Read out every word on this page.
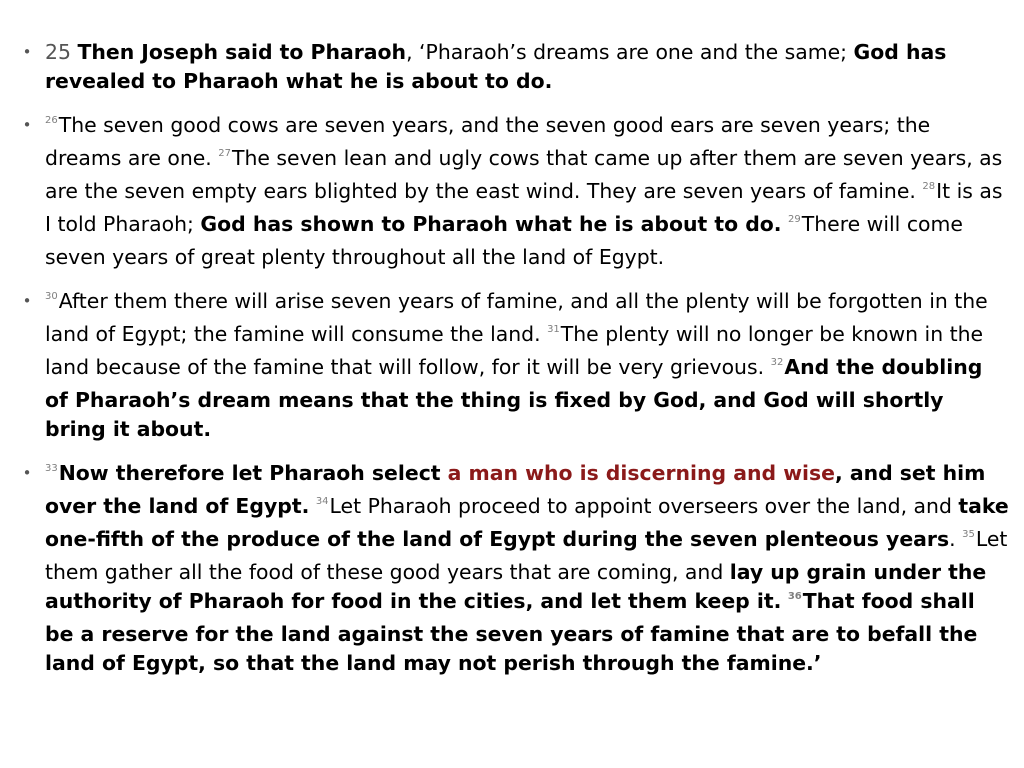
• 25 Then Joseph said to Pharaoh, ‘Pharaoh’s dreams are one and the same; God has revealed to Pharaoh what he is about to do.
• $^{26}$The seven good cows are seven years, and the seven good ears are seven years; the dreams are one. $^{27}$The seven lean and ugly cows that came up after them are seven years, as are the seven empty ears blighted by the east wind. They are seven years of famine. $^{28}$It is as I told Pharaoh; God has shown to Pharaoh what he is about to do. $^{29}$There will come seven years of great plenty throughout all the land of Egypt.
• $^{30}$After them there will arise seven years of famine, and all the plenty will be forgotten in the land of Egypt; the famine will consume the land. $^{31}$The plenty will no longer be known in the land because of the famine that will follow, for it will be very grievous. $^{32}$And the doubling of Pharaoh’s dream means that the thing is fixed by God, and God will shortly bring it about.
• $^{33}$Now therefore let Pharaoh select a man who is discerning and wise, and set him over the land of Egypt. $^{34}$Let Pharaoh proceed to appoint overseers over the land, and take one-fifth of the produce of the land of Egypt during the seven plenteous years. $^{35}$Let them gather all the food of these good years that are coming, and lay up grain under the authority of Pharaoh for food in the cities, and let them keep it. $^{36}$That food shall be a reserve for the land against the seven years of famine that are to befall the land of Egypt, so that the land may not perish through the famine.’
